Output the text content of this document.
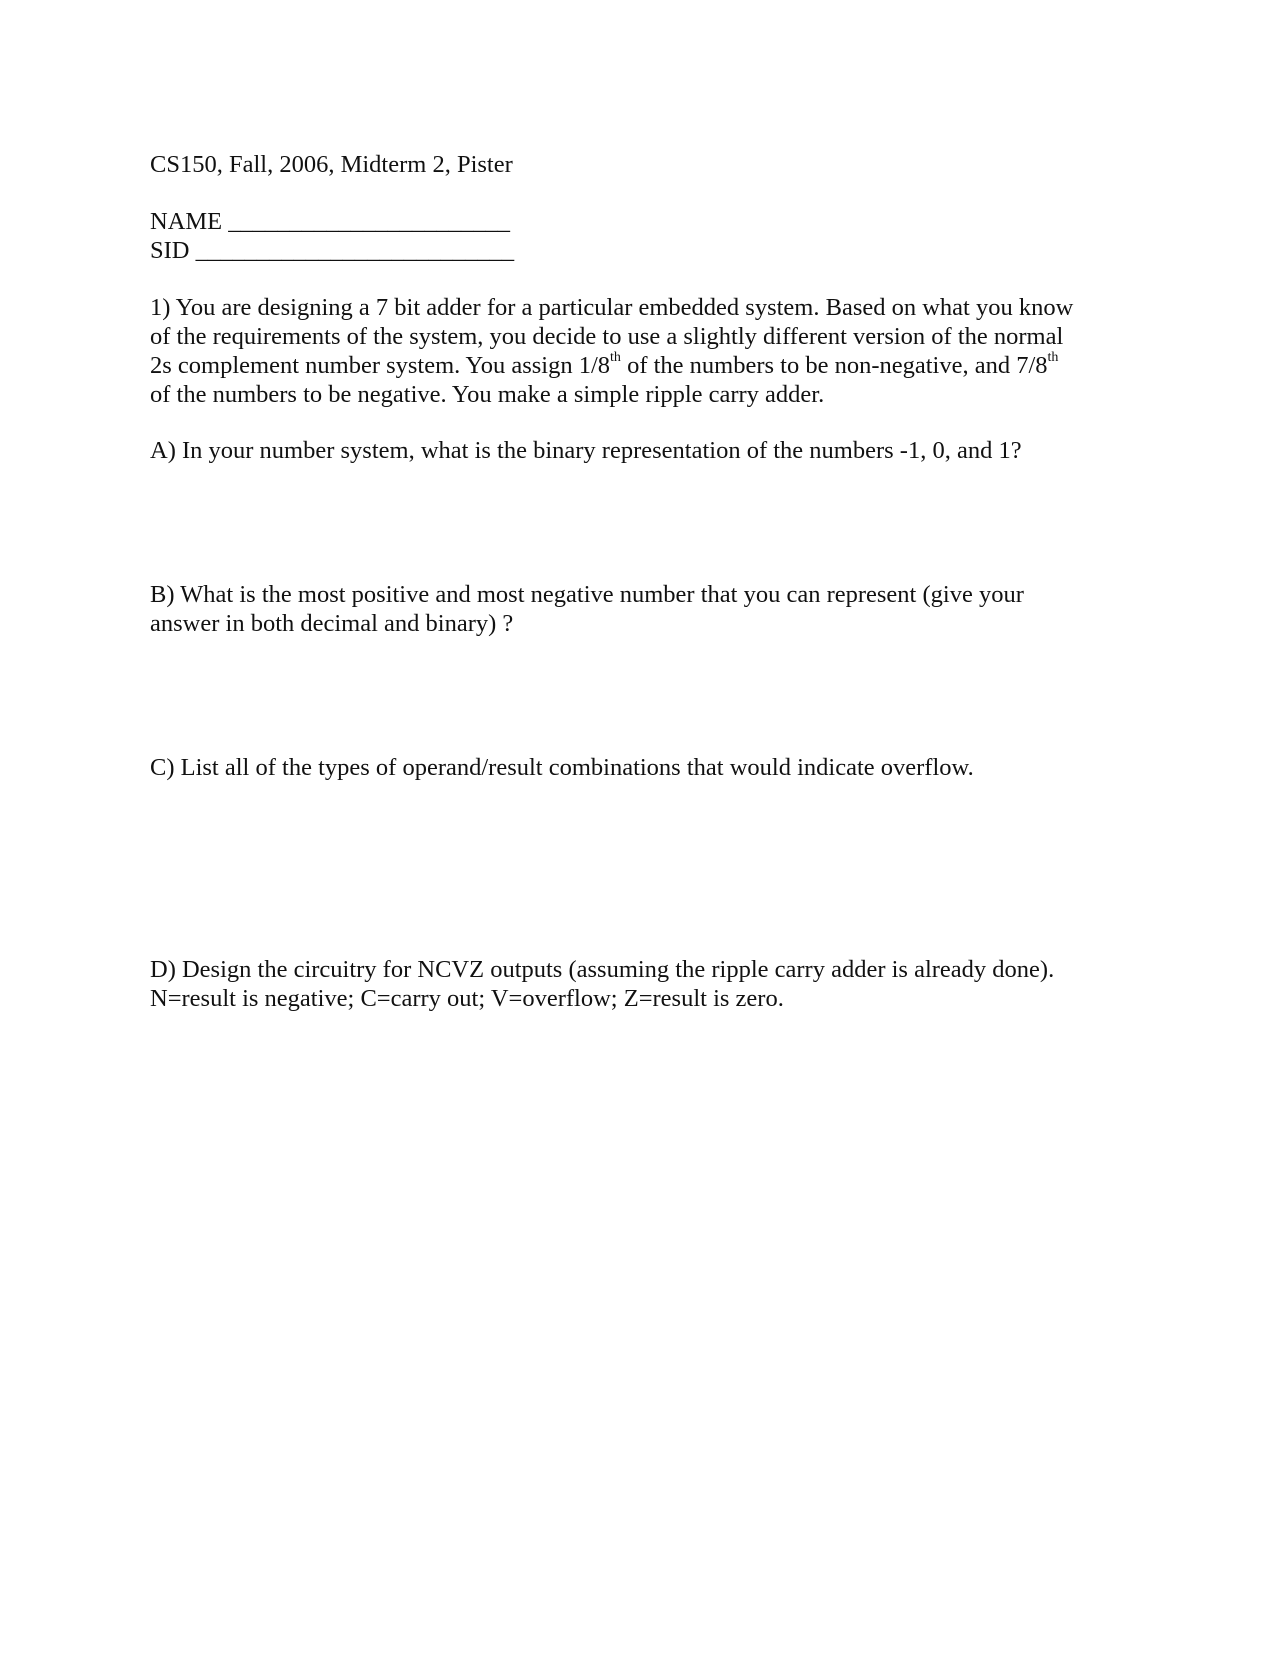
CS150, Fall, 2006, Midterm 2, Pister

NAME _______________________

SID __________________________

1) You are designing a 7 bit adder for a particular embedded system. Based on what you know
of the requirements of the system, you decide to use a slightly different version of the normal
2s complement number system. You assign 1/8th of the numbers to be non-negative, and 7/8th
of the numbers to be negative. You make a simple ripple carry adder.
A) In your number system, what is the binary representation of the numbers -1, 0, and 1?
B) What is the most positive and most negative number that you can represent (give your
answer in both decimal and binary) ?
C) List all of the types of operand/result combinations that would indicate overflow.
D) Design the circuitry for NCVZ outputs (assuming the ripple carry adder is already done).
N=result is negative; C=carry out; V=overflow; Z=result is zero.
